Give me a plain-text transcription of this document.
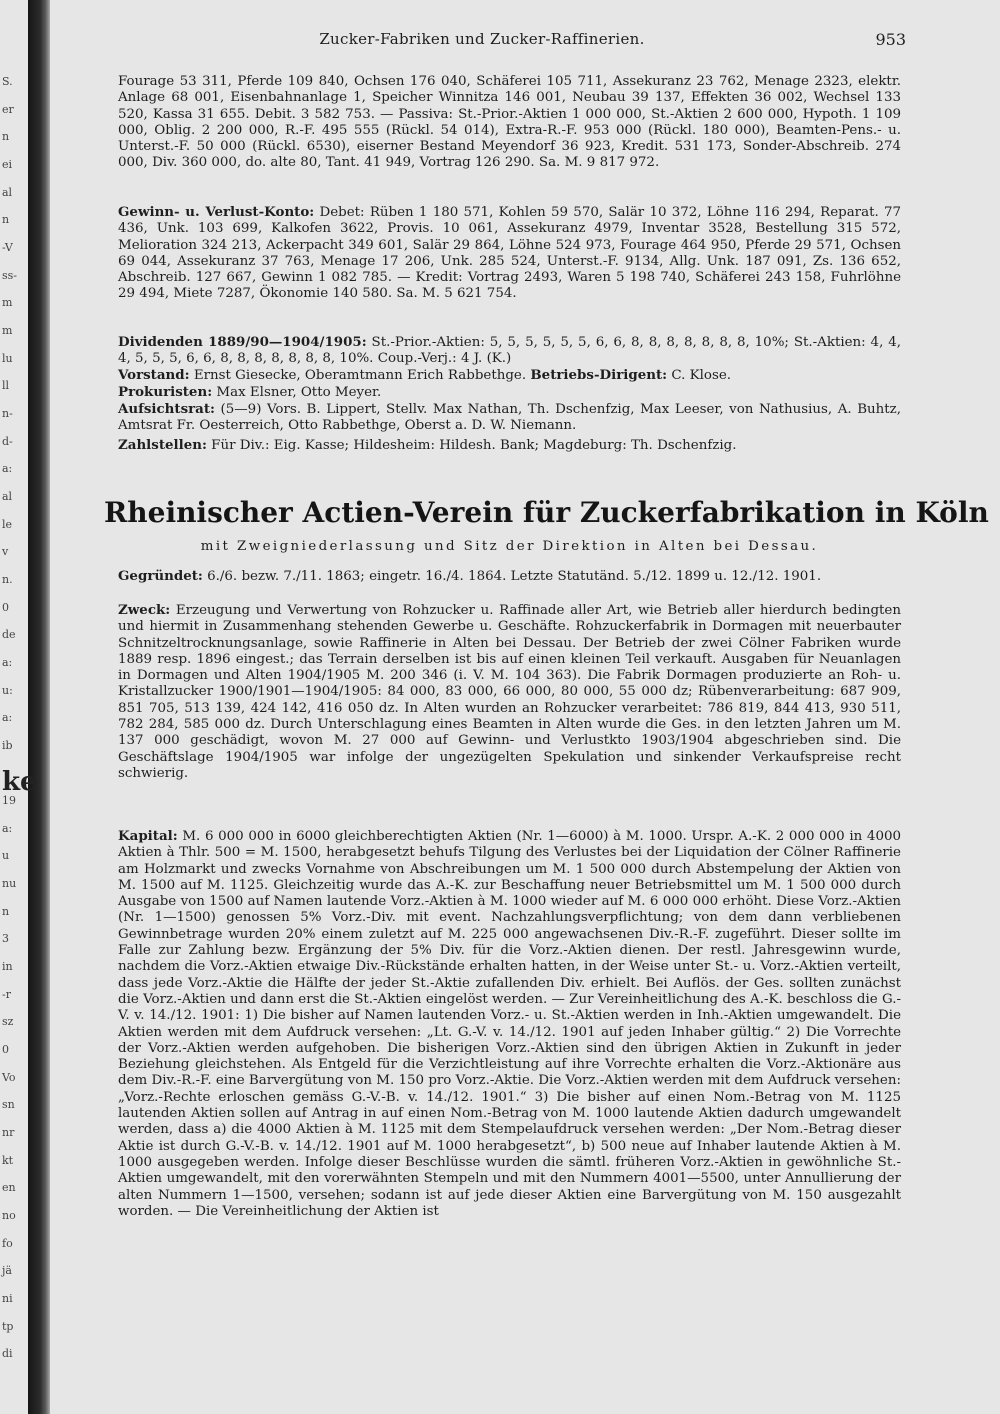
S.
er
n
ei
al
n
-V
ss-
m
m
lu
ll
n-
d-
a:
al
le
v
n.
0
de
a:
u:
a:
ib
ke
19
a:
u
nu
n
3
in
-r
sz
0
Vo
sn
nr
kt
en
no
fo
jä
ni
tp
di
Zucker-Fabriken und Zucker-Raffinerien.	953
Fourage 53 311, Pferde 109 840, Ochsen 176 040, Schäferei 105 711, Assekuranz 23 762, Menage 2323, elektr. Anlage 68 001, Eisenbahnanlage 1, Speicher Winnitza 146 001, Neubau 39 137, Effekten 36 002, Wechsel 133 520, Kassa 31 655. Debit. 3 582 753. — Passiva: St.-Prior.-Aktien 1 000 000, St.-Aktien 2 600 000, Hypoth. 1 109 000, Oblig. 2 200 000, R.-F. 495 555 (Rückl. 54 014), Extra-R.-F. 953 000 (Rückl. 180 000), Beamten-Pens.- u. Unterst.-F. 50 000 (Rückl. 6530), eiserner Bestand Meyendorf 36 923, Kredit. 531 173, Sonder-Abschreib. 274 000, Div. 360 000, do. alte 80, Tant. 41 949, Vortrag 126 290. Sa. M. 9 817 972.
Gewinn- u. Verlust-Konto: Debet: Rüben 1 180 571, Kohlen 59 570, Salär 10 372, Löhne 116 294, Reparat. 77 436, Unk. 103 699, Kalkofen 3622, Provis. 10 061, Assekuranz 4979, Inventar 3528, Bestellung 315 572, Melioration 324 213, Ackerpacht 349 601, Salär 29 864, Löhne 524 973, Fourage 464 950, Pferde 29 571, Ochsen 69 044, Assekuranz 37 763, Menage 17 206, Unk. 285 524, Unterst.-F. 9134, Allg. Unk. 187 091, Zs. 136 652, Abschreib. 127 667, Gewinn 1 082 785. — Kredit: Vortrag 2493, Waren 5 198 740, Schäferei 243 158, Fuhrlöhne 29 494, Miete 7287, Ökonomie 140 580. Sa. M. 5 621 754.
Dividenden 1889/90—1904/1905: St.-Prior.-Aktien: 5, 5, 5, 5, 5, 5, 6, 6, 8, 8, 8, 8, 8, 8, 8, 10%; St.-Aktien: 4, 4, 4, 5, 5, 5, 6, 6, 8, 8, 8, 8, 8, 8, 8, 10%. Coup.-Verj.: 4 J. (K.)
Vorstand: Ernst Giesecke, Oberamtmann Erich Rabbethge. Betriebs-Dirigent: C. Klose.
Prokuristen: Max Elsner, Otto Meyer.
Aufsichtsrat: (5—9) Vors. B. Lippert, Stellv. Max Nathan, Th. Dschenfzig, Max Leeser, von Nathusius, A. Buhtz, Amtsrat Fr. Oesterreich, Otto Rabbethge, Oberst a. D. W. Niemann.
Zahlstellen: Für Div.: Eig. Kasse; Hildesheim: Hildesh. Bank; Magdeburg: Th. Dschenfzig.
Rheinischer Actien-Verein für Zuckerfabrikation in Köln
mit Zweigniederlassung und Sitz der Direktion in Alten bei Dessau.
Gegründet: 6./6. bezw. 7./11. 1863; eingetr. 16./4. 1864. Letzte Statutänd. 5./12. 1899 u. 12./12. 1901.
Zweck: Erzeugung und Verwertung von Rohzucker u. Raffinade aller Art, wie Betrieb aller hierdurch bedingten und hiermit in Zusammenhang stehenden Gewerbe u. Geschäfte. Rohzuckerfabrik in Dormagen mit neuerbauter Schnitzeltrocknungsanlage, sowie Raffinerie in Alten bei Dessau. Der Betrieb der zwei Cölner Fabriken wurde 1889 resp. 1896 eingest.; das Terrain derselben ist bis auf einen kleinen Teil verkauft. Ausgaben für Neuanlagen in Dormagen und Alten 1904/1905 M. 200 346 (i. V. M. 104 363). Die Fabrik Dormagen produzierte an Roh- u. Kristallzucker 1900/1901—1904/1905: 84 000, 83 000, 66 000, 80 000, 55 000 dz; Rübenverarbeitung: 687 909, 851 705, 513 139, 424 142, 416 050 dz. In Alten wurden an Rohzucker verarbeitet: 786 819, 844 413, 930 511, 782 284, 585 000 dz. Durch Unterschlagung eines Beamten in Alten wurde die Ges. in den letzten Jahren um M. 137 000 geschädigt, wovon M. 27 000 auf Gewinn- und Verlustkto 1903/1904 abgeschrieben sind. Die Geschäftslage 1904/1905 war infolge der ungezügelten Spekulation und sinkender Verkaufspreise recht schwierig.
Kapital: M. 6 000 000 in 6000 gleichberechtigten Aktien (Nr. 1—6000) à M. 1000. Urspr. A.-K. 2 000 000 in 4000 Aktien à Thlr. 500 = M. 1500, herabgesetzt behufs Tilgung des Verlustes bei der Liquidation der Cölner Raffinerie am Holzmarkt und zwecks Vornahme von Abschreibungen um M. 1 500 000 durch Abstempelung der Aktien von M. 1500 auf M. 1125. Gleichzeitig wurde das A.-K. zur Beschaffung neuer Betriebsmittel um M. 1 500 000 durch Ausgabe von 1500 auf Namen lautende Vorz.-Aktien à M. 1000 wieder auf M. 6 000 000 erhöht. Diese Vorz.-Aktien (Nr. 1—1500) genossen 5% Vorz.-Div. mit event. Nachzahlungsverpflichtung; von dem dann verbliebenen Gewinnbetrage wurden 20% einem zuletzt auf M. 225 000 angewachsenen Div.-R.-F. zugeführt. Dieser sollte im Falle zur Zahlung bezw. Ergänzung der 5% Div. für die Vorz.-Aktien dienen. Der restl. Jahresgewinn wurde, nachdem die Vorz.-Aktien etwaige Div.-Rückstände erhalten hatten, in der Weise unter St.- u. Vorz.-Aktien verteilt, dass jede Vorz.-Aktie die Hälfte der jeder St.-Aktie zufallenden Div. erhielt. Bei Auflös. der Ges. sollten zunächst die Vorz.-Aktien und dann erst die St.-Aktien eingelöst werden. — Zur Vereinheitlichung des A.-K. beschloss die G.-V. v. 14./12. 1901: 1) Die bisher auf Namen lautenden Vorz.- u. St.-Aktien werden in Inh.-Aktien umgewandelt. Die Aktien werden mit dem Aufdruck versehen: „Lt. G.-V. v. 14./12. 1901 auf jeden Inhaber gültig.“ 2) Die Vorrechte der Vorz.-Aktien werden aufgehoben. Die bisherigen Vorz.-Aktien sind den übrigen Aktien in Zukunft in jeder Beziehung gleichstehen. Als Entgeld für die Verzichtleistung auf ihre Vorrechte erhalten die Vorz.-Aktionäre aus dem Div.-R.-F. eine Barvergütung von M. 150 pro Vorz.-Aktie. Die Vorz.-Aktien werden mit dem Aufdruck versehen: „Vorz.-Rechte erloschen gemäss G.-V.-B. v. 14./12. 1901.“ 3) Die bisher auf einen Nom.-Betrag von M. 1125 lautenden Aktien sollen auf Antrag in auf einen Nom.-Betrag von M. 1000 lautende Aktien dadurch umgewandelt werden, dass a) die 4000 Aktien à M. 1125 mit dem Stempelaufdruck versehen werden: „Der Nom.-Betrag dieser Aktie ist durch G.-V.-B. v. 14./12. 1901 auf M. 1000 herabgesetzt“, b) 500 neue auf Inhaber lautende Aktien à M. 1000 ausgegeben werden. Infolge dieser Beschlüsse wurden die sämtl. früheren Vorz.-Aktien in gewöhnliche St.-Aktien umgewandelt, mit den vorerwähnten Stempeln und mit den Nummern 4001—5500, unter Annullierung der alten Nummern 1—1500, versehen; sodann ist auf jede dieser Aktien eine Barvergütung von M. 150 ausgezahlt worden. — Die Vereinheitlichung der Aktien ist
